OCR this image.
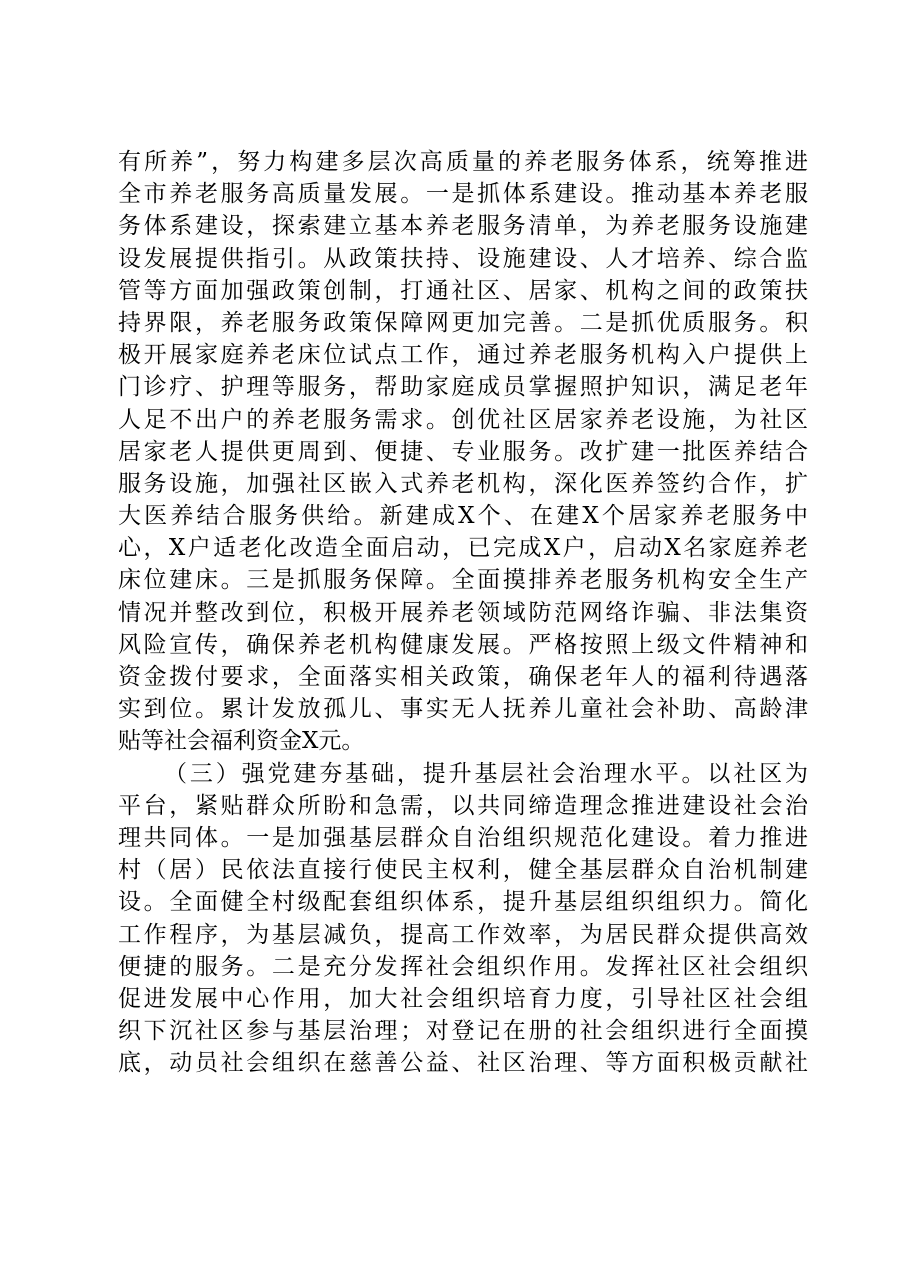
有所养”，努力构建多层次高质量的养老服务体系，统筹推进
全市养老服务高质量发展。一是抓体系建设。推动基本养老服
务体系建设，探索建立基本养老服务清单，为养老服务设施建
设发展提供指引。从政策扶持、设施建设、人才培养、综合监
管等方面加强政策创制，打通社区、居家、机构之间的政策扶
持界限，养老服务政策保障网更加完善。二是抓优质服务。积
极开展家庭养老床位试点工作，通过养老服务机构入户提供上
门诊疗、护理等服务，帮助家庭成员掌握照护知识，满足老年
人足不出户的养老服务需求。创优社区居家养老设施，为社区
居家老人提供更周到、便捷、专业服务。改扩建一批医养结合
服务设施，加强社区嵌入式养老机构，深化医养签约合作，扩
大医养结合服务供给。新建成X个、在建X个居家养老服务中
心，X户适老化改造全面启动，已完成X户，启动X名家庭养老
床位建床。三是抓服务保障。全面摸排养老服务机构安全生产
情况并整改到位，积极开展养老领域防范网络诈骗、非法集资
风险宣传，确保养老机构健康发展。严格按照上级文件精神和
资金拨付要求，全面落实相关政策，确保老年人的福利待遇落
实到位。累计发放孤儿、事实无人抚养儿童社会补助、高龄津
贴等社会福利资金X元。
（三）强党建夯基础，提升基层社会治理水平。以社区为
平台，紧贴群众所盼和急需，以共同缔造理念推进建设社会治
理共同体。一是加强基层群众自治组织规范化建设。着力推进
村（居）民依法直接行使民主权利，健全基层群众自治机制建
设。全面健全村级配套组织体系，提升基层组织组织力。简化
工作程序，为基层减负，提高工作效率，为居民群众提供高效
便捷的服务。二是充分发挥社会组织作用。发挥社区社会组织
促进发展中心作用，加大社会组织培育力度，引导社区社会组
织下沉社区参与基层治理；对登记在册的社会组织进行全面摸
底，动员社会组织在慈善公益、社区治理、等方面积极贡献社
